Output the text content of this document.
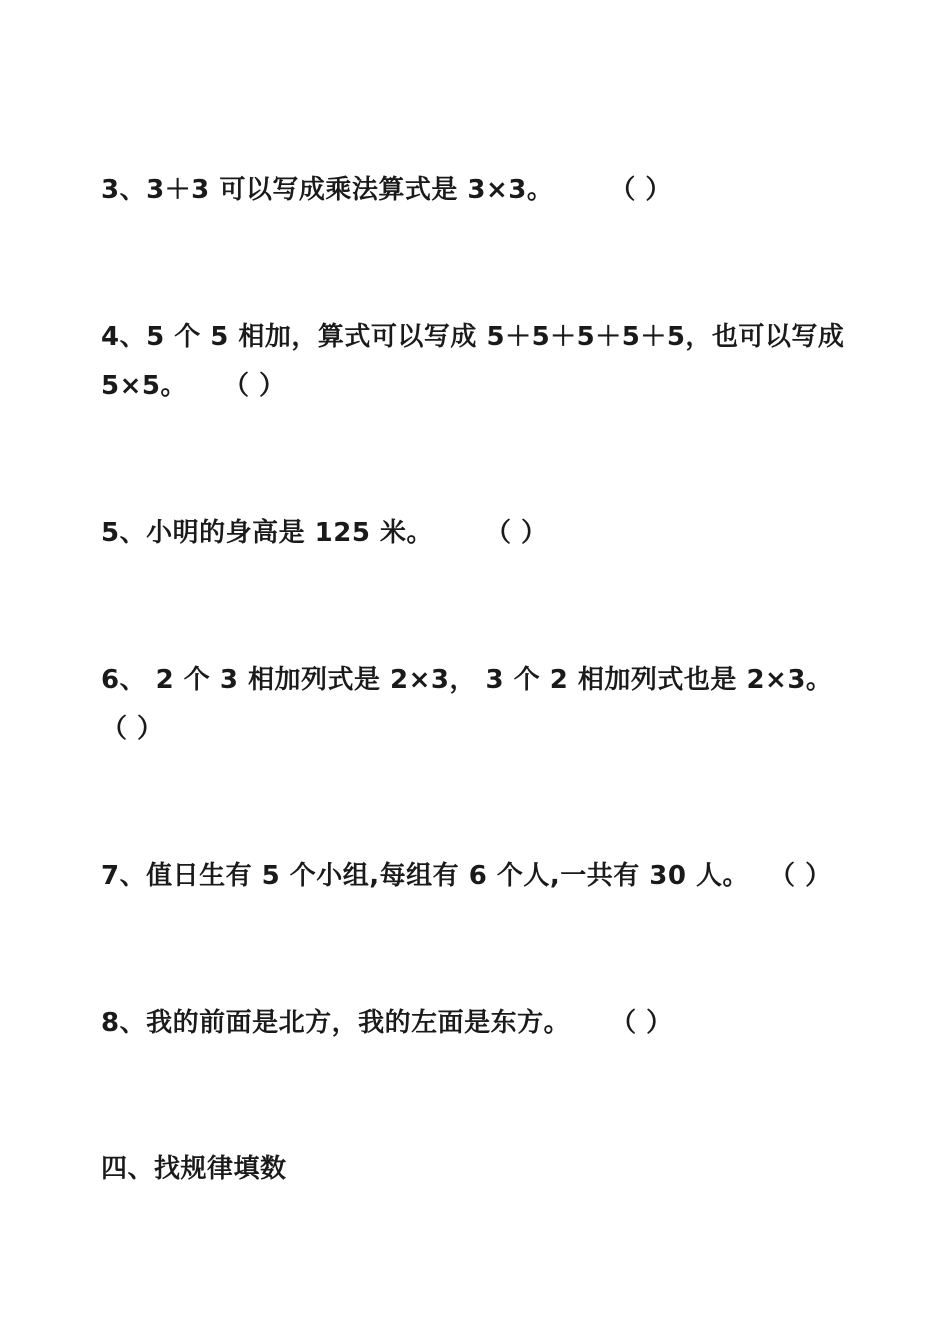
3、3＋3 可以写成乘法算式是 3×3。 （ ）
4、5 个 5 相加，算式可以写成 5＋5＋5＋5＋5，也可以写成
5×5。 （ ）
5、小明的身高是 125 米。 （ ）
6、 2 个 3 相加列式是 2×3， 3 个 2 相加列式也是 2×3。
（ ）
7、值日生有 5 个小组,每组有 6 个人,一共有 30 人。 （ ）
8、我的前面是北方，我的左面是东方。 （ ）
四、找规律填数
